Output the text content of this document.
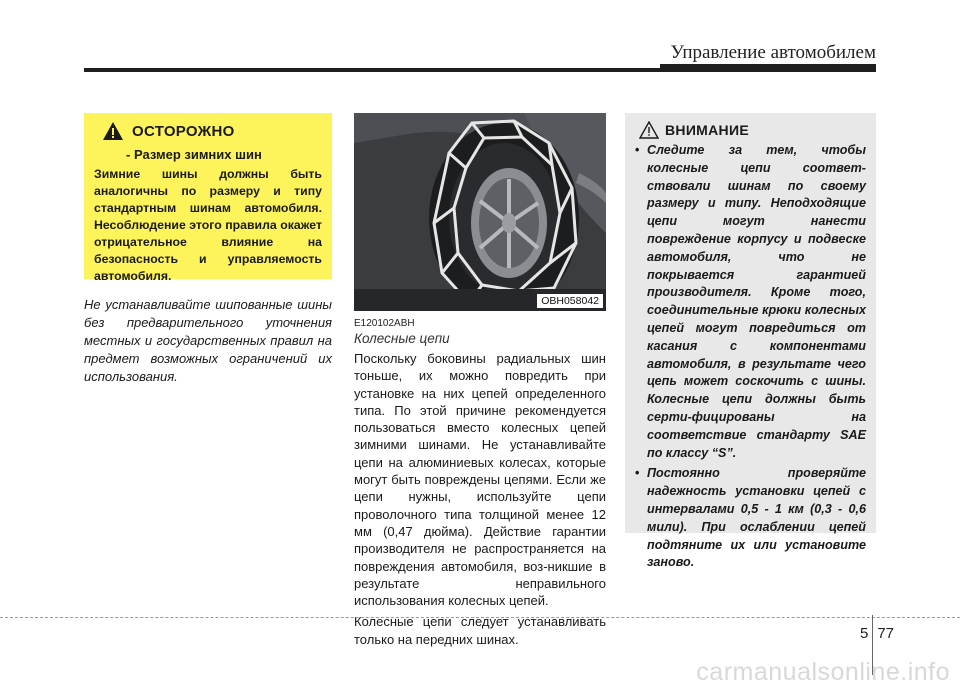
Управление автомобилем
ОСТОРОЖНО
- Размер зимних шин
Зимние шины должны быть аналогичны по размеру и типу стандартным шинам автомобиля. Несоблюдение этого правила окажет отрицательное влияние на безопасность и управляемость автомобиля.
Не устанавливайте шипованные шины без предварительного уточнения местных и государственных правил на предмет возможных ограничений их использования.
OBH058042
E120102ABH
Колесные цепи

Поскольку боковины радиальных шин тоньше, их можно повредить при установке на них цепей определенного типа. По этой причине рекомендуется пользоваться вместо колесных цепей зимними шинами. Не устанавливайте цепи на алюминиевых колесах, которые могут быть повреждены цепями. Если же цепи нужны, используйте цепи проволочного типа толщиной менее 12 мм (0,47 дюйма). Действие гарантии производителя не распространяется на повреждения автомобиля, воз-никшие в результате неправильного использования колесных цепей.

Колесные цепи следует устанавливать только на передних шинах.

ВНИМАНИЕ
• Следите за тем, чтобы колесные цепи соответ-ствовали шинам по своему размеру и типу. Неподходящие цепи могут нанести повреждение корпусу и подвеске автомобиля, что не покрывается гарантией производителя. Кроме того, соединительные крюки колесных цепей могут повредиться от касания с компонентами автомобиля, в результате чего цепь может соскочить с шины. Колесные цепи должны быть серти-фицированы на соответствие стандарту SAE по классу “S”.
• Постоянно проверяйте надежность установки цепей с интервалами 0,5 - 1 км (0,3 - 0,6 мили). При ослаблении цепей подтяните их или установите заново.
5 77
carmanualsonline.info
